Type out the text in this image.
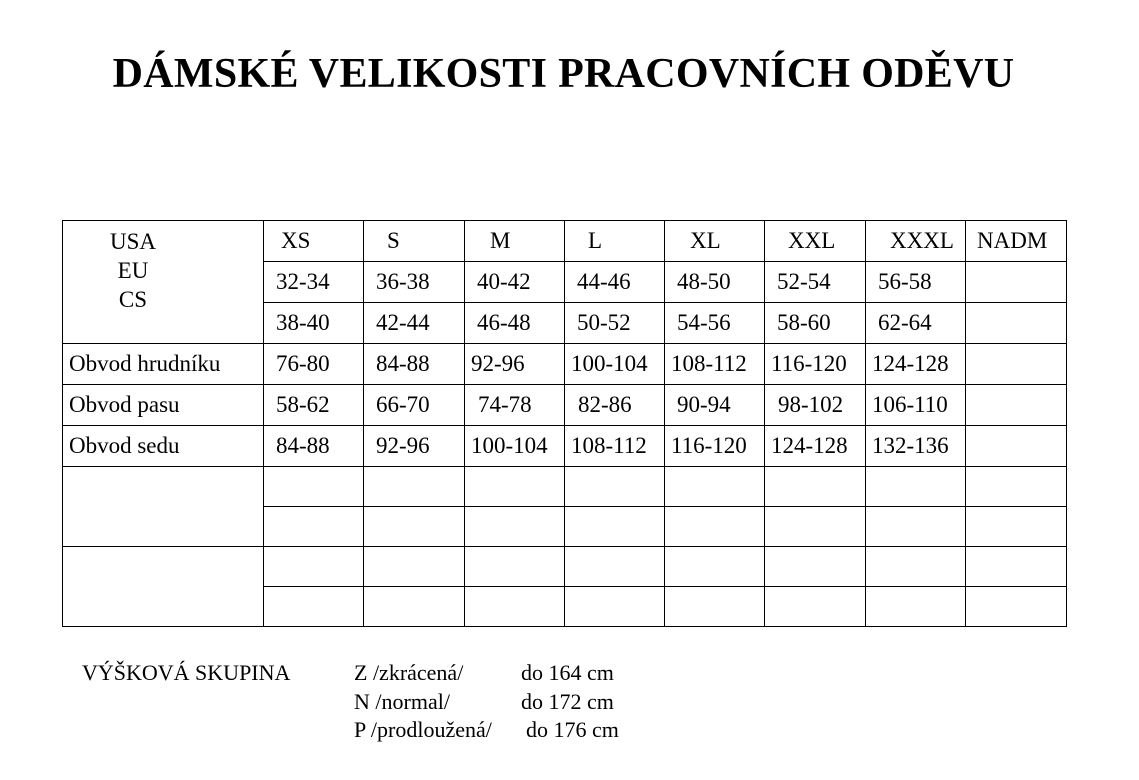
DÁMSKÉ VELIKOSTI PRACOVNÍCH ODĚVU
USA
EU
CS	XS	S	M	L	XL	XXL	XXXL	NADM
	32-34	36-38	40-42	44-46	48-50	52-54	56-58	
	38-40	42-44	46-48	50-52	54-56	58-60	62-64	
Obvod hrudníku	76-80	84-88	92-96	100-104	108-112	116-120	124-128	
Obvod pasu	58-62	66-70	74-78	82-86	90-94	98-102	106-110	
Obvod sedu	84-88	92-96	100-104	108-112	116-120	124-128	132-136	

VÝŠKOVÁ SKUPINA	Z /zkrácená/	do 164 cm
N /normal/	do 172 cm
P /prodloužená/ do 176 cm
